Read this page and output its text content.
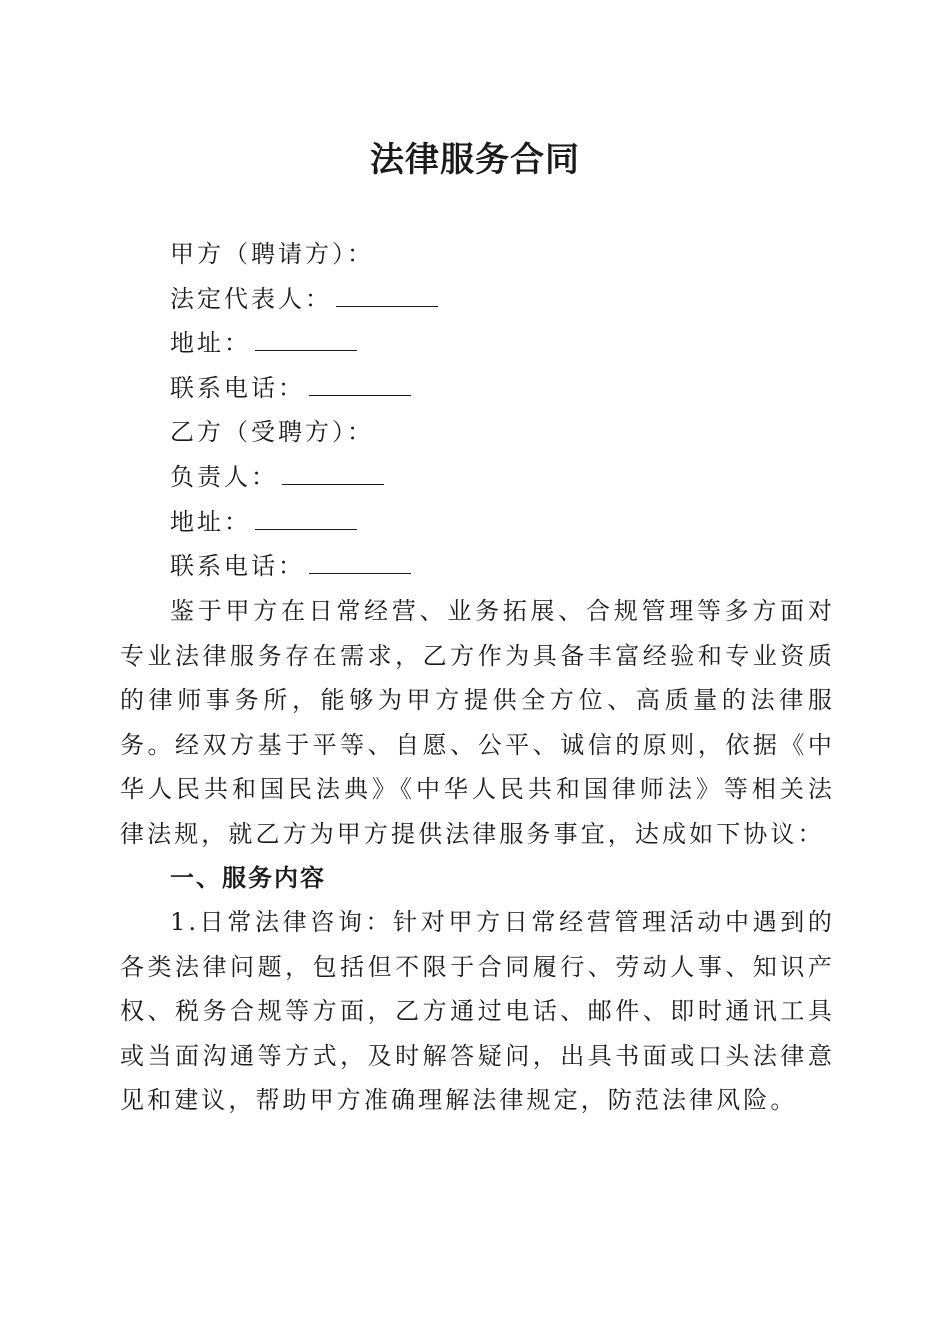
法律服务合同
甲方（聘请方）：
法定代表人：
地址：
联系电话：
乙方（受聘方）：
负责人：
地址：
联系电话：
鉴于甲方在日常经营、业务拓展、合规管理等多方面对专业法律服务存在需求，乙方作为具备丰富经验和专业资质的律师事务所，能够为甲方提供全方位、高质量的法律服务。经双方基于平等、自愿、公平、诚信的原则，依据《中华人民共和国民法典》《中华人民共和国律师法》等相关法律法规，就乙方为甲方提供法律服务事宜，达成如下协议：
一、服务内容
1.日常法律咨询：针对甲方日常经营管理活动中遇到的各类法律问题，包括但不限于合同履行、劳动人事、知识产权、税务合规等方面，乙方通过电话、邮件、即时通讯工具或当面沟通等方式，及时解答疑问，出具书面或口头法律意见和建议，帮助甲方准确理解法律规定，防范法律风险。
